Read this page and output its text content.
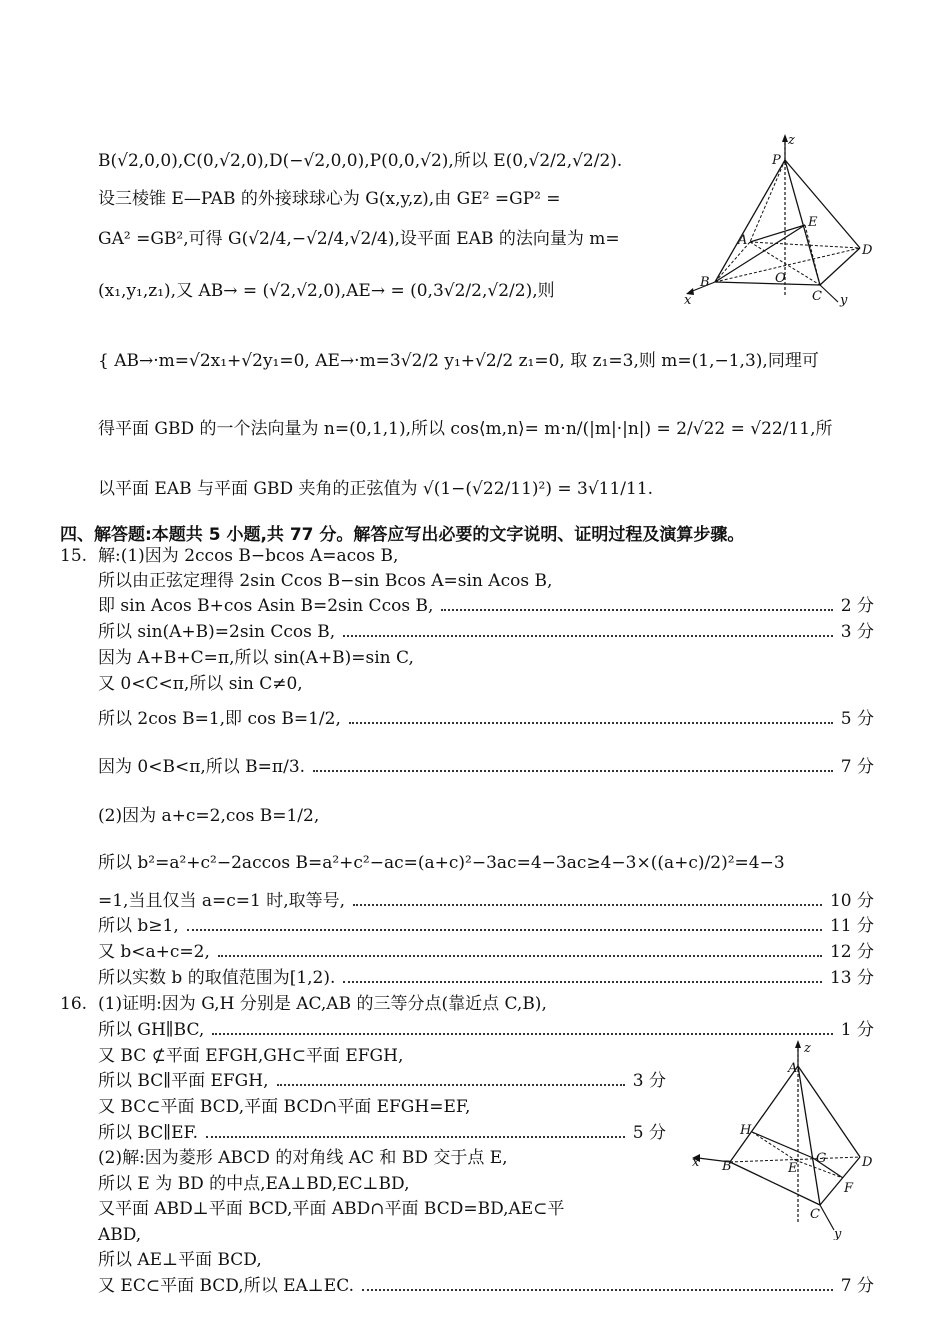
B(√2,0,0),C(0,√2,0),D(−√2,0,0),P(0,0,√2),所以 E(0,√2/2,√2/2).
设三棱锥 E—PAB 的外接球球心为 G(x,y,z),由 GE² =GP² =
GA² =GB²,可得 G(√2/4,−√2/4,√2/4),设平面 EAB 的法向量为 m=
(x₁,y₁,z₁),又 AB→ = (√2,√2,0),AE→ = (0,3√2/2,√2/2),则
{ AB→·m=√2x₁+√2y₁=0, AE→·m=3√2/2 y₁+√2/2 z₁=0, 取 z₁=3,则 m=(1,−1,3),同理可
得平面 GBD 的一个法向量为 n=(0,1,1),所以 cos⟨m,n⟩= m·n/(|m|·|n|) = 2/√22 = √22/11,所
以平面 EAB 与平面 GBD 夹角的正弦值为 √(1−(√22/11)²) = 3√11/11.
z
P
E
A
D
B	O
C
x	y
四、解答题:本题共 5 小题,共 77 分。解答应写出必要的文字说明、证明过程及演算步骤。
15. 解:(1)因为 2ccos B−bcos A=acos B,
所以由正弦定理得 2sin Ccos B−sin Bcos A=sin Acos B,
即 sin Acos B+cos Asin B=2sin Ccos B,	2 分
所以 sin(A+B)=2sin Ccos B,	3 分
因为 A+B+C=π,所以 sin(A+B)=sin C,
又 0<C<π,所以 sin C≠0,
所以 2cos B=1,即 cos B=1/2,	5 分
因为 0<B<π,所以 B=π/3.	7 分
(2)因为 a+c=2,cos B=1/2,
所以 b²=a²+c²−2accos B=a²+c²−ac=(a+c)²−3ac=4−3ac≥4−3×((a+c)/2)²=4−3
=1,当且仅当 a=c=1 时,取等号,	10 分
所以 b≥1,	11 分
又 b<a+c=2,	12 分
所以实数 b 的取值范围为[1,2).	13 分
16. (1)证明:因为 G,H 分别是 AC,AB 的三等分点(靠近点 C,B),
所以 GH∥BC,	1 分
又 BC ⊄平面 EFGH,GH⊂平面 EFGH,
所以 BC∥平面 EFGH,	3 分
又 BC⊂平面 BCD,平面 BCD∩平面 EFGH=EF,
所以 BC∥EF.	5 分
(2)解:因为菱形 ABCD 的对角线 AC 和 BD 交于点 E,
所以 E 为 BD 的中点,EA⊥BD,EC⊥BD,
又平面 ABD⊥平面 BCD,平面 ABD∩平面 BCD=BD,AE⊂平
ABD,
所以 AE⊥平面 BCD,
又 EC⊂平面 BCD,所以 EA⊥EC.	7 分
z
A
H
x B	E
G	D
F
C
y
